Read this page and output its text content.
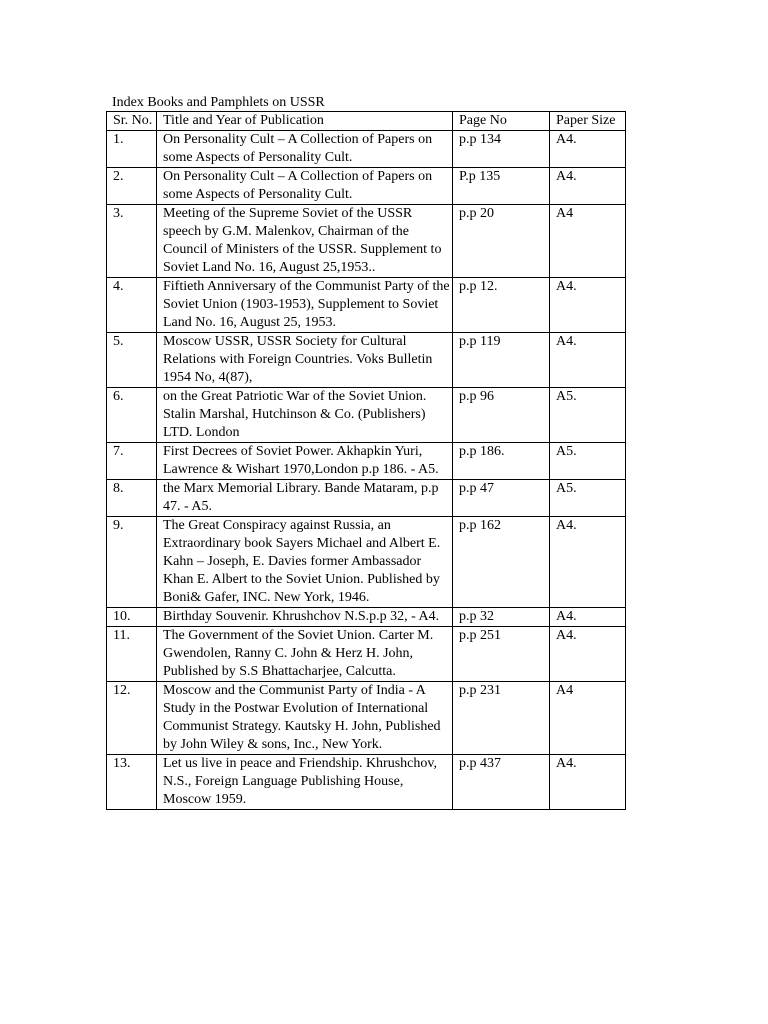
Index Books and Pamphlets on USSR
Sr. No.	Title and Year of Publication	Page No	Paper Size
1.	On Personality Cult – A Collection of Papers on some Aspects of Personality Cult.	p.p 134	A4.
2.	On Personality Cult – A Collection of Papers on some Aspects of Personality Cult.	P.p 135	A4.
3.	Meeting of the Supreme Soviet of the USSR speech by G.M. Malenkov, Chairman of the Council of Ministers of the USSR. Supplement to Soviet Land No. 16, August 25,1953..	p.p 20	A4
4.	Fiftieth Anniversary of the Communist Party of the Soviet Union (1903-1953), Supplement to Soviet Land No. 16, August 25, 1953.	p.p 12.	A4.
5.	Moscow USSR, USSR Society for Cultural Relations with Foreign Countries. Voks Bulletin 1954 No, 4(87),	p.p 119	A4.
6.	on the Great Patriotic War of the Soviet Union. Stalin Marshal, Hutchinson & Co. (Publishers) LTD. London	p.p 96	A5.
7.	First Decrees of Soviet Power. Akhapkin Yuri, Lawrence & Wishart 1970,London p.p 186. - A5.	p.p 186.	A5.
8.	the Marx Memorial Library. Bande Mataram, p.p 47. - A5.	p.p 47	A5.
9.	The Great Conspiracy against Russia, an Extraordinary book Sayers Michael and Albert E. Kahn – Joseph, E. Davies former Ambassador Khan E. Albert to the Soviet Union. Published by Boni& Gafer, INC. New York, 1946.	p.p 162	A4.
10.	Birthday Souvenir. Khrushchov N.S.p.p 32, - A4.	p.p 32	A4.
11.	The Government of the Soviet Union. Carter M. Gwendolen, Ranny C. John & Herz H. John, Published by S.S Bhattacharjee, Calcutta.	p.p 251	A4.
12.	Moscow and the Communist Party of India - A Study in the Postwar Evolution of International Communist Strategy. Kautsky H. John, Published by John Wiley & sons, Inc., New York.	p.p 231	A4
13.	Let us live in peace and Friendship. Khrushchov, N.S., Foreign Language Publishing House, Moscow 1959.	p.p 437	A4.
